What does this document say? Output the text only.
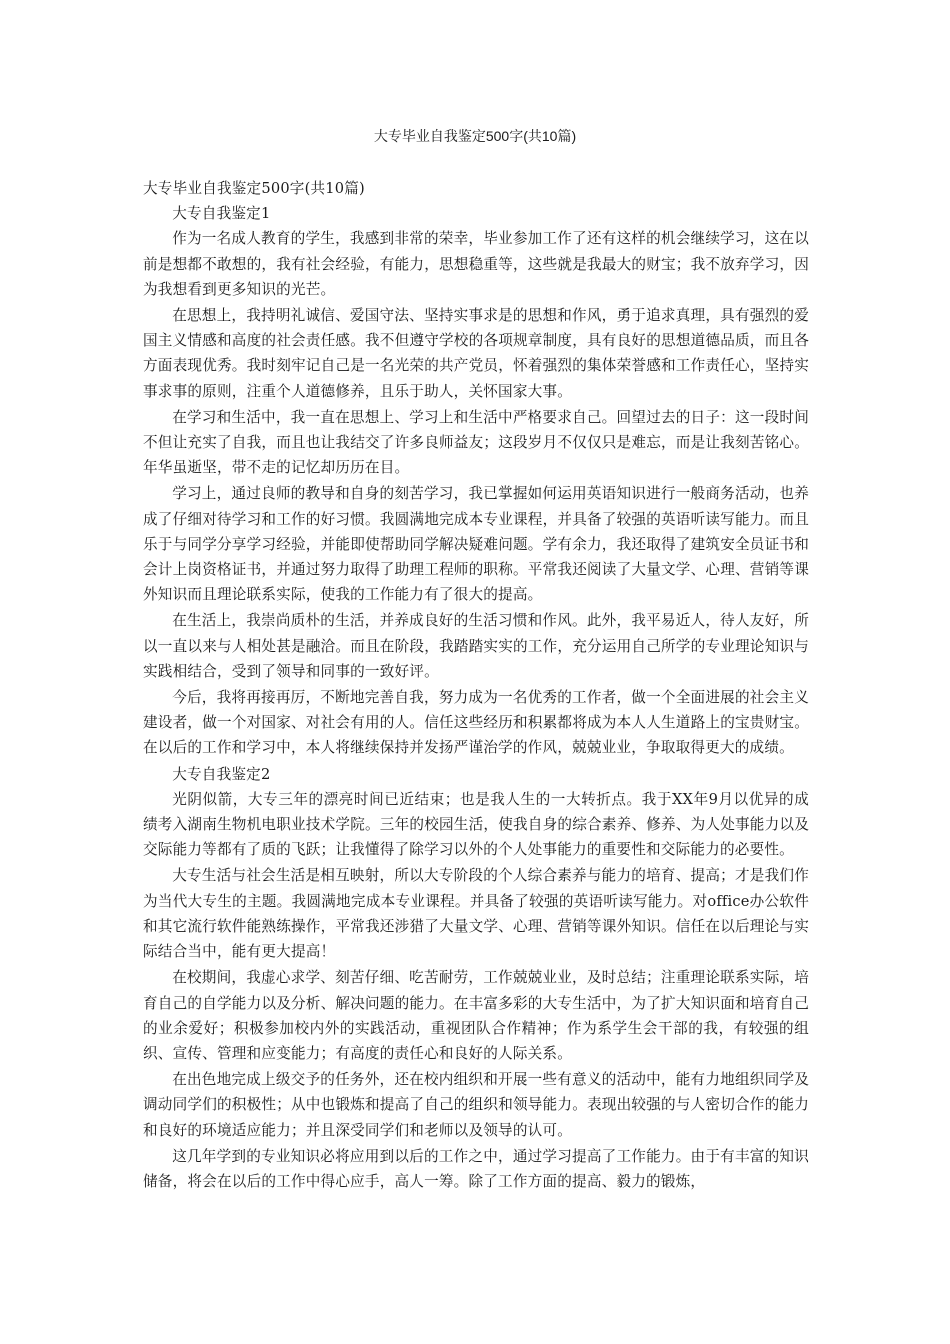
大专毕业自我鉴定500字(共10篇)

大专毕业自我鉴定500字(共10篇)

大专自我鉴定1

作为一名成人教育的学生，我感到非常的荣幸，毕业参加工作了还有这样的机会继续学习，这在以前是想都不敢想的，我有社会经验，有能力，思想稳重等，这些就是我最大的财宝；我不放弃学习，因为我想看到更多知识的光芒。

在思想上，我持明礼诚信、爱国守法、坚持实事求是的思想和作风，勇于追求真理，具有强烈的爱国主义情感和高度的社会责任感。我不但遵守学校的各项规章制度，具有良好的思想道德品质，而且各方面表现优秀。我时刻牢记自己是一名光荣的共产党员，怀着强烈的集体荣誉感和工作责任心，坚持实事求事的原则，注重个人道德修养，且乐于助人，关怀国家大事。

在学习和生活中，我一直在思想上、学习上和生活中严格要求自己。回望过去的日子：这一段时间不但让充实了自我，而且也让我结交了许多良师益友；这段岁月不仅仅只是难忘，而是让我刻苦铭心。年华虽逝坚，带不走的记忆却历历在目。

学习上，通过良师的教导和自身的刻苦学习，我已掌握如何运用英语知识进行一般商务活动，也养成了仔细对待学习和工作的好习惯。我圆满地完成本专业课程，并具备了较强的英语听读写能力。而且乐于与同学分享学习经验，并能即使帮助同学解决疑难问题。学有余力，我还取得了建筑安全员证书和会计上岗资格证书，并通过努力取得了助理工程师的职称。平常我还阅读了大量文学、心理、营销等课外知识而且理论联系实际，使我的工作能力有了很大的提高。

在生活上，我崇尚质朴的生活，并养成良好的生活习惯和作风。此外，我平易近人，待人友好，所以一直以来与人相处甚是融洽。而且在阶段，我踏踏实实的工作，充分运用自己所学的专业理论知识与实践相结合，受到了领导和同事的一致好评。

今后，我将再接再厉，不断地完善自我，努力成为一名优秀的工作者，做一个全面进展的社会主义建设者，做一个对国家、对社会有用的人。信任这些经历和积累都将成为本人人生道路上的宝贵财宝。在以后的工作和学习中，本人将继续保持并发扬严谨治学的作风，兢兢业业，争取取得更大的成绩。

大专自我鉴定2

光阴似箭，大专三年的漂亮时间已近结束；也是我人生的一大转折点。我于XX年9月以优异的成绩考入湖南生物机电职业技术学院。三年的校园生活，使我自身的综合素养、修养、为人处事能力以及交际能力等都有了质的飞跃；让我懂得了除学习以外的个人处事能力的重要性和交际能力的必要性。

大专生活与社会生活是相互映射，所以大专阶段的个人综合素养与能力的培育、提高；才是我们作为当代大专生的主题。我圆满地完成本专业课程。并具备了较强的英语听读写能力。对office办公软件和其它流行软件能熟练操作，平常我还涉猎了大量文学、心理、营销等课外知识。信任在以后理论与实际结合当中，能有更大提高！

在校期间，我虚心求学、刻苦仔细、吃苦耐劳，工作兢兢业业，及时总结；注重理论联系实际，培育自己的自学能力以及分析、解决问题的能力。在丰富多彩的大专生活中，为了扩大知识面和培育自己的业余爱好；积极参加校内外的实践活动，重视团队合作精神；作为系学生会干部的我，有较强的组织、宣传、管理和应变能力；有高度的责任心和良好的人际关系。

在出色地完成上级交予的任务外，还在校内组织和开展一些有意义的活动中，能有力地组织同学及调动同学们的积极性；从中也锻炼和提高了自己的组织和领导能力。表现出较强的与人密切合作的能力和良好的环境适应能力；并且深受同学们和老师以及领导的认可。

这几年学到的专业知识必将应用到以后的工作之中，通过学习提高了工作能力。由于有丰富的知识储备，将会在以后的工作中得心应手，高人一筹。除了工作方面的提高、毅力的锻炼，
